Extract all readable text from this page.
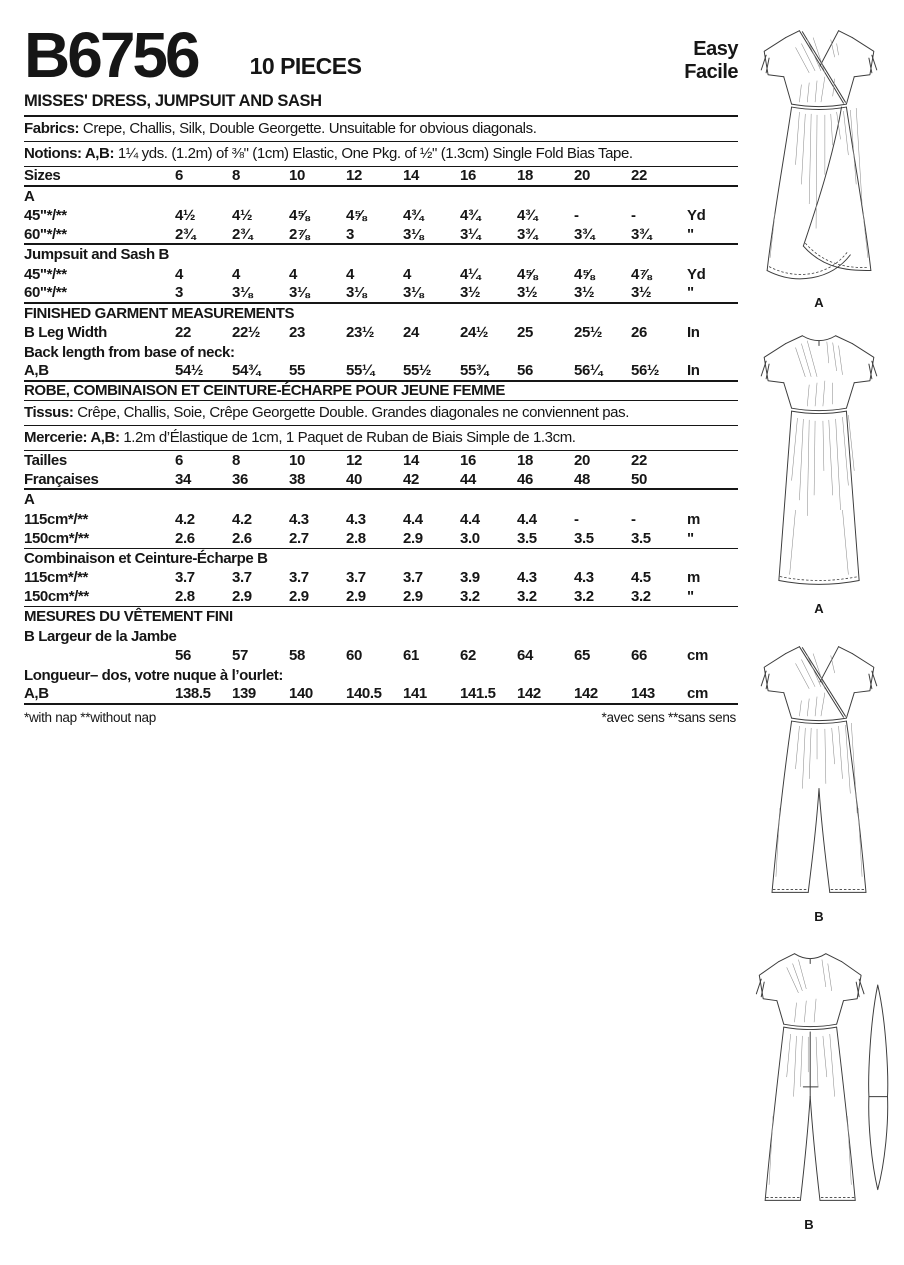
B6756 10 PIECES
Easy
Facile
MISSES' DRESS, JUMPSUIT AND SASH
Fabrics: Crepe, Challis, Silk, Double Georgette. Unsuitable for obvious diagonals.
Notions: A,B: 1¼ yds. (1.2m) of ⅜" (1cm) Elastic, One Pkg. of ½" (1.3cm) Single Fold Bias Tape.
Sizes	6	8	10	12	14	16	18	20	22
A
45"*/**	4½	4½	4⅝	4⅝	4¾	4¾	4¾	-	-	Yd
60"*/**	2¾	2¾	2⅞	3	3⅛	3¼	3¾	3¾	3¾	"
Jumpsuit and Sash B
45"*/**	4	4	4	4	4	4¼	4⅝	4⅝	4⅞	Yd
60"*/**	3	3⅛	3⅛	3⅛	3⅛	3½	3½	3½	3½	"
FINISHED GARMENT MEASUREMENTS
B Leg Width	22	22½	23	23½	24	24½	25	25½	26	In
Back length from base of neck:
A,B	54½	54¾	55	55¼	55½	55¾	56	56¼	56½	In
ROBE, COMBINAISON ET CEINTURE-ÉCHARPE POUR JEUNE FEMME
Tissus: Crêpe, Challis, Soie, Crêpe Georgette Double. Grandes diagonales ne conviennent pas.
Mercerie: A,B: 1.2m d’Élastique de 1cm, 1 Paquet de Ruban de Biais Simple de 1.3cm.
Tailles	6	8	10	12	14	16	18	20	22
Françaises	34	36	38	40	42	44	46	48	50
A
115cm*/**	4.2	4.2	4.3	4.3	4.4	4.4	4.4	-	-	m
150cm*/**	2.6	2.6	2.7	2.8	2.9	3.0	3.5	3.5	3.5	"
Combinaison et Ceinture-Écharpe B
115cm*/**	3.7	3.7	3.7	3.7	3.7	3.9	4.3	4.3	4.5	m
150cm*/**	2.8	2.9	2.9	2.9	2.9	3.2	3.2	3.2	3.2	"
MESURES DU VÊTEMENT FINI
B Largeur de la Jambe
56	57	58	60	61	62	64	65	66	cm
Longueur– dos, votre nuque à l’ourlet:
A,B	138.5	139	140	140.5	141	141.5	142	142	143	cm
*with nap **without nap	*avec sens **sans sens
A
A
B
B
